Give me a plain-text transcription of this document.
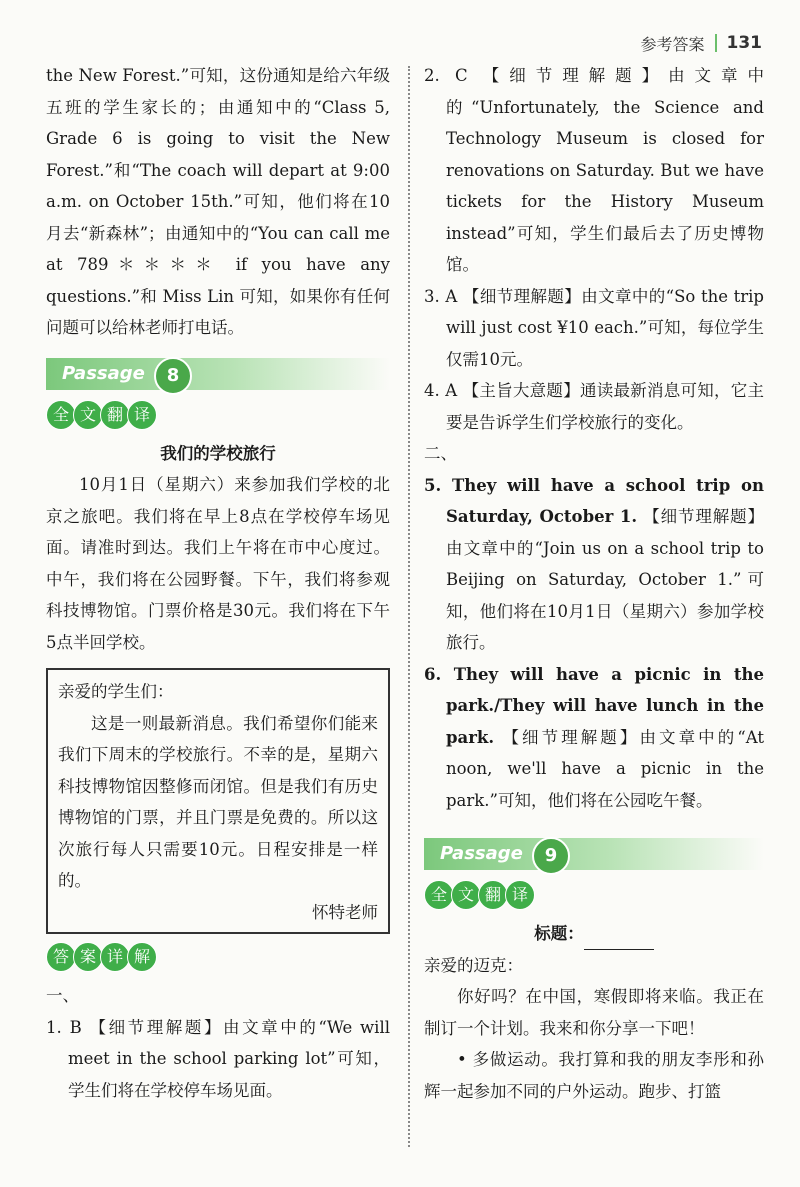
参考答案 131

the New Forest.”可知，这份通知是给六年级五班的学生家长的；由通知中的“Class 5, Grade 6 is going to visit the New Forest.”和“The coach will depart at 9:00 a.m. on October 15th.”可知，他们将在10月去“新森林”；由通知中的“You can call me at 789＊＊＊＊ if you have any questions.”和 Miss Lin 可知，如果你有任何问题可以给林老师打电话。

Passage	8
全 文 翻 译

我们的学校旅行

10月1日（星期六）来参加我们学校的北京之旅吧。我们将在早上8点在学校停车场见面。请准时到达。我们上午将在市中心度过。中午，我们将在公园野餐。下午，我们将参观科技博物馆。门票价格是30元。我们将在下午5点半回学校。

亲爱的学生们：

这是一则最新消息。我们希望你们能来我们下周末的学校旅行。不幸的是，星期六科技博物馆因整修而闭馆。但是我们有历史博物馆的门票，并且门票是免费的。所以这次旅行每人只需要10元。日程安排是一样的。

怀特老师

答 案 详 解

一、

1. B 【细节理解题】由文章中的“We will meet in the school parking lot”可知，学生们将在学校停车场见面。

2. C 【细节理解题】由文章中的“Unfortunately, the Science and Technology Museum is closed for renovations on Saturday. But we have tickets for the History Museum instead”可知，学生们最后去了历史博物馆。

3. A 【细节理解题】由文章中的“So the trip will just cost ¥10 each.”可知，每位学生仅需10元。

4. A 【主旨大意题】通读最新消息可知，它主要是告诉学生们学校旅行的变化。

二、

5. They will have a school trip on Saturday, October 1. 【细节理解题】由文章中的“Join us on a school trip to Beijing on Saturday, October 1.”可知，他们将在10月1日（星期六）参加学校旅行。

6. They will have a picnic in the park./They will have lunch in the park. 【细节理解题】由文章中的“At noon, we'll have a picnic in the park.”可知，他们将在公园吃午餐。

Passage	9
全 文 翻 译

标题：

亲爱的迈克：

你好吗？在中国，寒假即将来临。我正在制订一个计划。我来和你分享一下吧！

• 多做运动。我打算和我的朋友李彤和孙辉一起参加不同的户外运动。跑步、打篮
